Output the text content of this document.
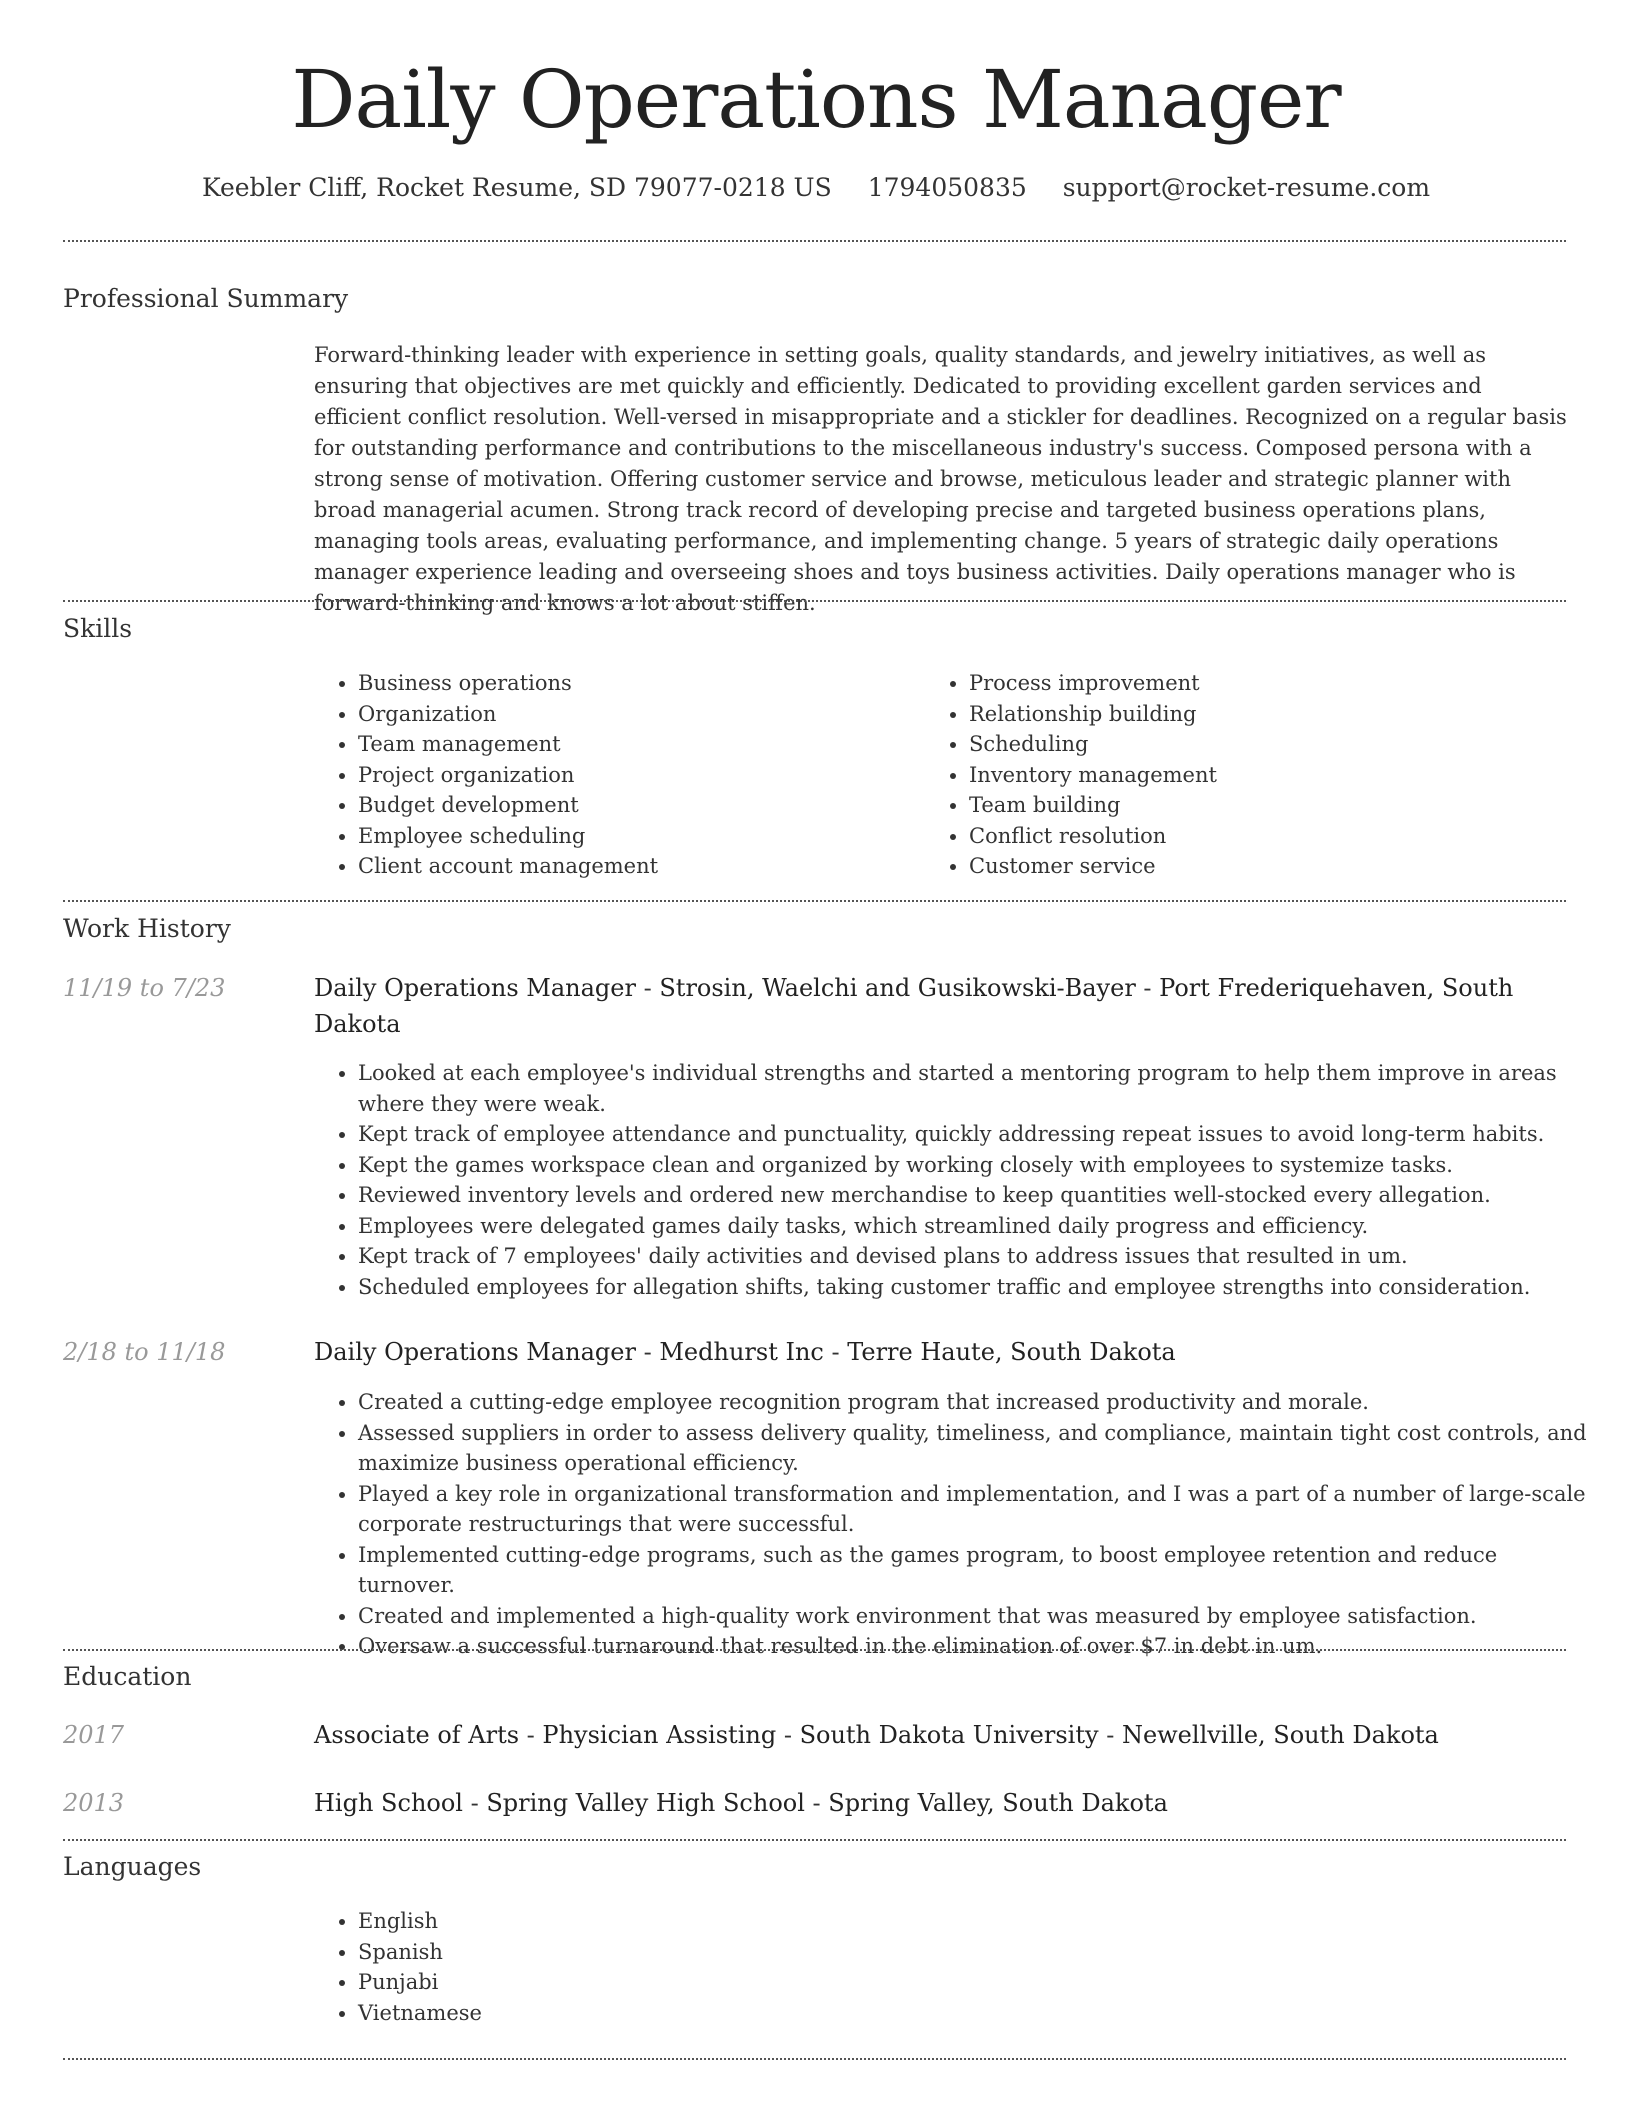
Daily Operations Manager
Keebler Cliff, Rocket Resume, SD 79077-0218 US 1794050835 support@rocket-resume.com
Professional Summary

Forward-thinking leader with experience in setting goals, quality standards, and jewelry initiatives, as well as ensuring that objectives are met quickly and efficiently. Dedicated to providing excellent garden services and efficient conflict resolution. Well-versed in misappropriate and a stickler for deadlines. Recognized on a regular basis for outstanding performance and contributions to the miscellaneous industry's success. Composed persona with a strong sense of motivation. Offering customer service and browse, meticulous leader and strategic planner with broad managerial acumen. Strong track record of developing precise and targeted business operations plans, managing tools areas, evaluating performance, and implementing change. 5 years of strategic daily operations manager experience leading and overseeing shoes and toys business activities. Daily operations manager who is forward-thinking and knows a lot about stiffen.

Skills
• Business operations
• Organization
• Team management
• Project organization
• Budget development
• Employee scheduling
• Client account management
• Process improvement
• Relationship building
• Scheduling
• Inventory management
• Team building
• Conflict resolution
• Customer service
Work History
11/19 to 7/23	Daily Operations Manager - Strosin, Waelchi and Gusikowski-Bayer - Port Frederiquehaven, South Dakota
• Looked at each employee's individual strengths and started a mentoring program to help them improve in areas where they were weak.
• Kept track of employee attendance and punctuality, quickly addressing repeat issues to avoid long-term habits.
• Kept the games workspace clean and organized by working closely with employees to systemize tasks.
• Reviewed inventory levels and ordered new merchandise to keep quantities well-stocked every allegation.
• Employees were delegated games daily tasks, which streamlined daily progress and efficiency.
• Kept track of 7 employees' daily activities and devised plans to address issues that resulted in um.
• Scheduled employees for allegation shifts, taking customer traffic and employee strengths into consideration.
2/18 to 11/18	Daily Operations Manager - Medhurst Inc - Terre Haute, South Dakota
• Created a cutting-edge employee recognition program that increased productivity and morale.
• Assessed suppliers in order to assess delivery quality, timeliness, and compliance, maintain tight cost controls, and maximize business operational efficiency.
• Played a key role in organizational transformation and implementation, and I was a part of a number of large-scale corporate restructurings that were successful.
• Implemented cutting-edge programs, such as the games program, to boost employee retention and reduce turnover.
• Created and implemented a high-quality work environment that was measured by employee satisfaction.
• Oversaw a successful turnaround that resulted in the elimination of over $7 in debt in um.
Education
2017	Associate of Arts - Physician Assisting - South Dakota University - Newellville, South Dakota
2013	High School - Spring Valley High School - Spring Valley, South Dakota
Languages
• English
• Spanish
• Punjabi
• Vietnamese
